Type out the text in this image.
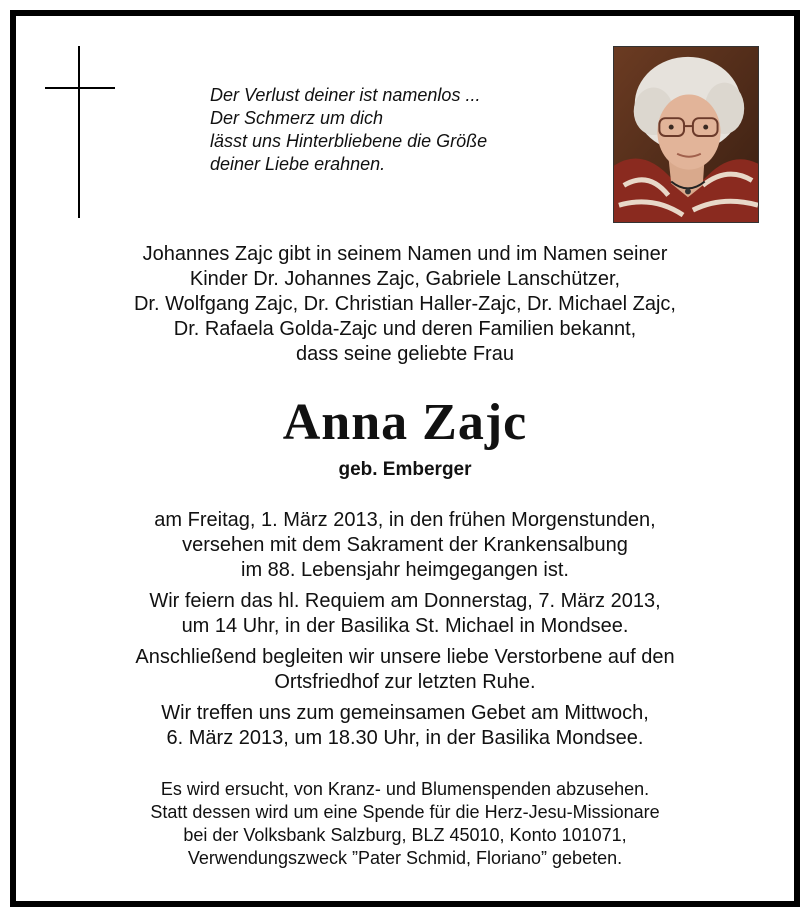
Der Verlust deiner ist namenlos ...
Der Schmerz um dich
lässt uns Hinterbliebene die Größe
deiner Liebe erahnen.
Johannes Zajc gibt in seinem Namen und im Namen seiner
Kinder Dr. Johannes Zajc, Gabriele Lanschützer,
Dr. Wolfgang Zajc, Dr. Christian Haller-Zajc, Dr. Michael Zajc,
Dr. Rafaela Golda-Zajc und deren Familien bekannt,
dass seine geliebte Frau
Anna Zajc
geb. Emberger
am Freitag, 1. März 2013, in den frühen Morgenstunden,
versehen mit dem Sakrament der Krankensalbung
im 88. Lebensjahr heimgegangen ist.
Wir feiern das hl. Requiem am Donnerstag, 7. März 2013,
um 14 Uhr, in der Basilika St. Michael in Mondsee.
Anschließend begleiten wir unsere liebe Verstorbene auf den
Ortsfriedhof zur letzten Ruhe.
Wir treffen uns zum gemeinsamen Gebet am Mittwoch,
6. März 2013, um 18.30 Uhr, in der Basilika Mondsee.
Es wird ersucht, von Kranz- und Blumenspenden abzusehen.
Statt dessen wird um eine Spende für die Herz-Jesu-Missionare
bei der Volksbank Salzburg, BLZ 45010, Konto 101071,
Verwendungszweck ”Pater Schmid, Floriano” gebeten.
